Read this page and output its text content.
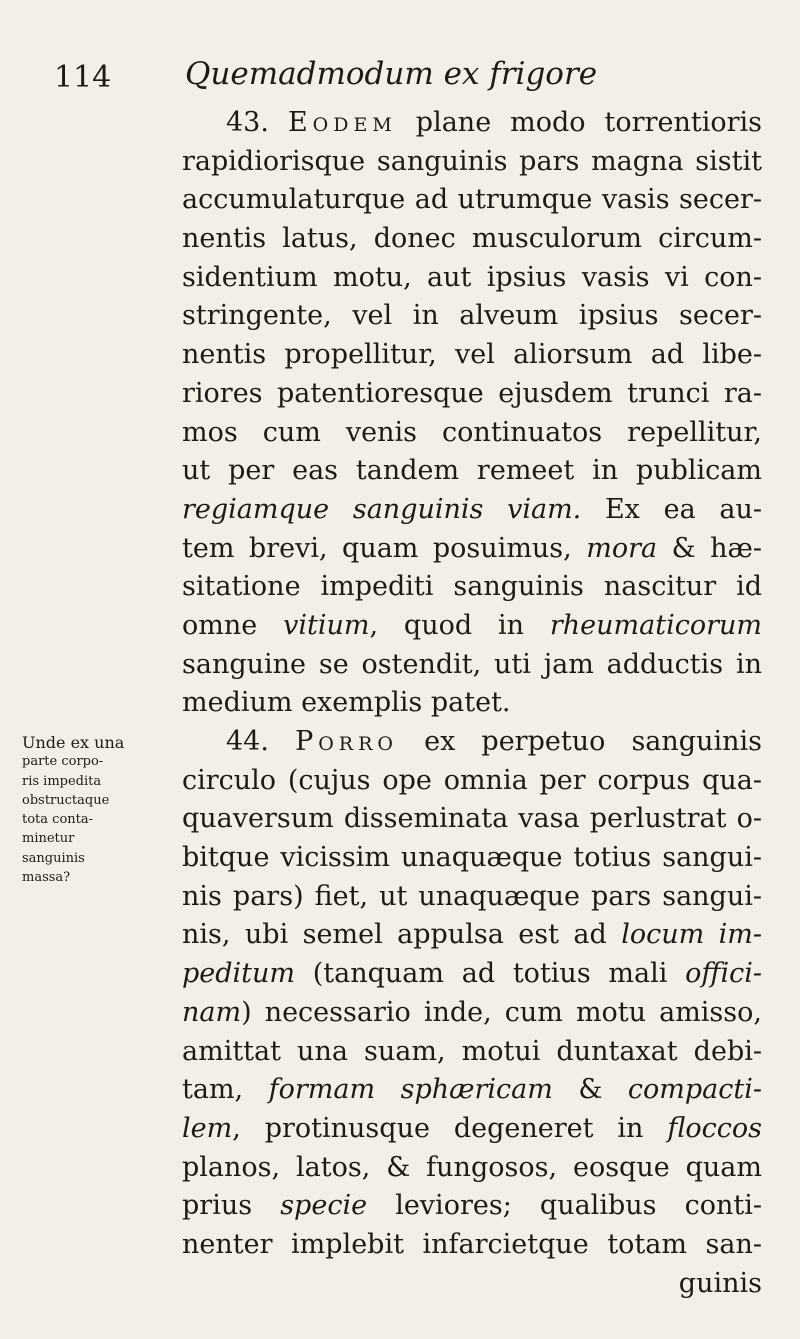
114 Quemadmodum ex frigore
43. Eodem plane modo torrentioris
rapidiorisque sanguinis pars magna sistit
accumulaturque ad utrumque vasis secer-
nentis latus, donec musculorum circum-
sidentium motu, aut ipsius vasis vi con-
stringente, vel in alveum ipsius secer-
nentis propellitur, vel aliorsum ad libe-
riores patentioresque ejusdem trunci ra-
mos cum venis continuatos repellitur,
ut per eas tandem remeet in publicam
regiamque sanguinis viam. Ex ea au-
tem brevi, quam posuimus, mora & hæ-
sitatione impediti sanguinis nascitur id
omne vitium, quod in rheumaticorum
sanguine se ostendit, uti jam adductis in
medium exemplis patet.
44. Porro ex perpetuo sanguinis
circulo (cujus ope omnia per corpus qua-
quaversum disseminata vasa perlustrat o-
bitque vicissim unaquæque totius sangui-
nis pars) fiet, ut unaquæque pars sangui-
nis, ubi semel appulsa est ad locum im-
peditum (tanquam ad totius mali offici-
nam) necessario inde, cum motu amisso,
amittat una suam, motui duntaxat debi-
tam, formam sphæricam & compacti-
lem, protinusque degeneret in floccos
planos, latos, & fungosos, eosque quam
prius specie leviores; qualibus conti-
nenter implebit infarcietque totam san-
guinis
Unde ex una
parte corpo-
ris impedita
obstructaque
tota conta-
minetur
sanguinis
massa?
